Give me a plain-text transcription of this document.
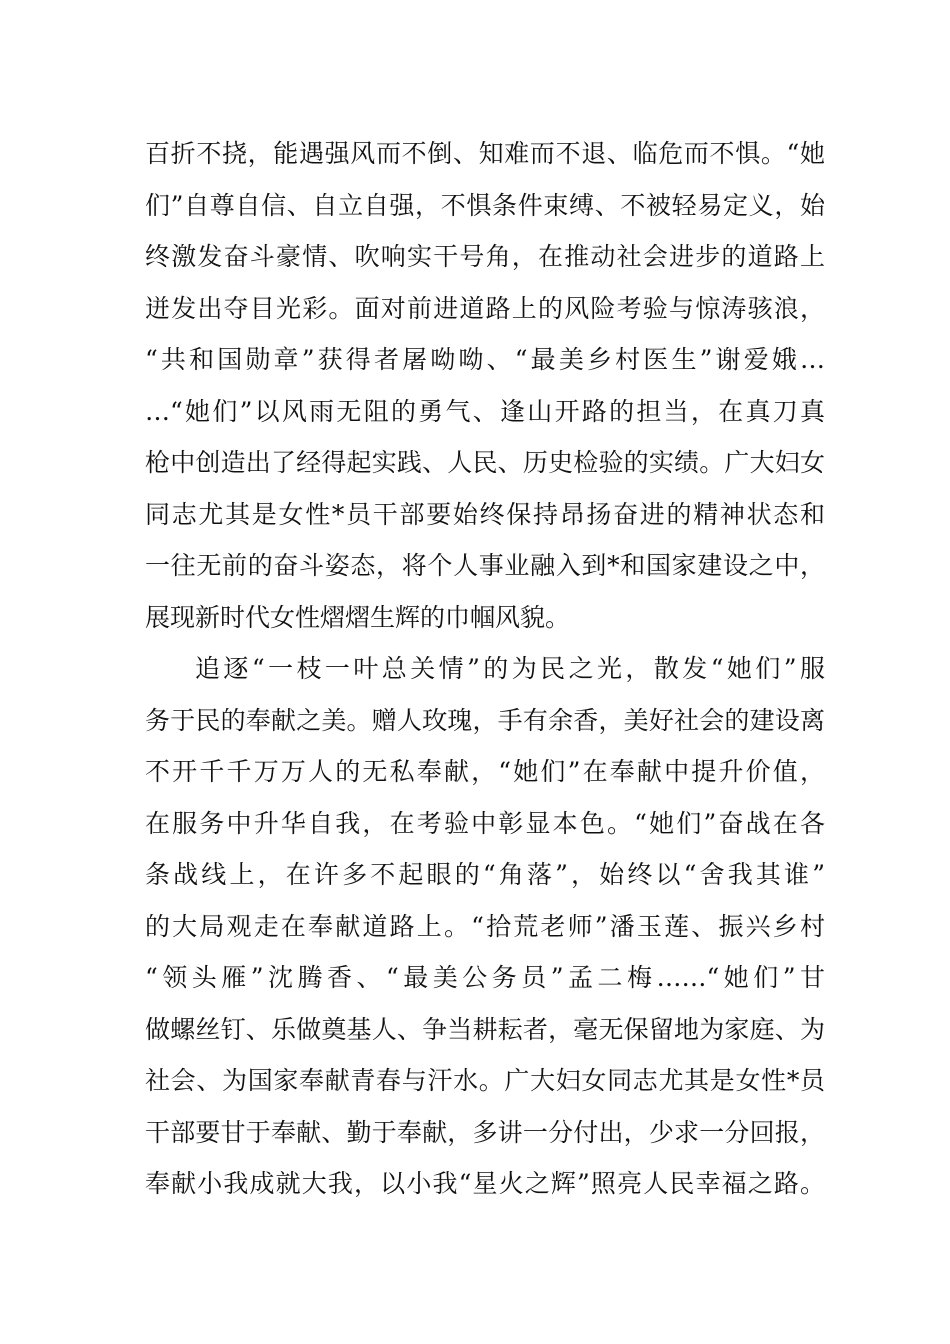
百折不挠，能遇强风而不倒、知难而不退、临危而不惧。“她
们”自尊自信、自立自强，不惧条件束缚、不被轻易定义，始
终激发奋斗豪情、吹响实干号角，在推动社会进步的道路上
迸发出夺目光彩。面对前进道路上的风险考验与惊涛骇浪，
“共和国勋章”获得者屠呦呦、“最美乡村医生”谢爱娥…
…“她们”以风雨无阻的勇气、逢山开路的担当，在真刀真
枪中创造出了经得起实践、人民、历史检验的实绩。广大妇女
同志尤其是女性*员干部要始终保持昂扬奋进的精神状态和
一往无前的奋斗姿态，将个人事业融入到*和国家建设之中，
展现新时代女性熠熠生辉的巾帼风貌。
追逐“一枝一叶总关情”的为民之光，散发“她们”服
务于民的奉献之美。赠人玫瑰，手有余香，美好社会的建设离
不开千千万万人的无私奉献，“她们”在奉献中提升价值，
在服务中升华自我，在考验中彰显本色。“她们”奋战在各
条战线上，在许多不起眼的“角落”，始终以“舍我其谁”
的大局观走在奉献道路上。“拾荒老师”潘玉莲、振兴乡村
“领头雁”沈腾香、“最美公务员”孟二梅……“她们”甘
做螺丝钉、乐做奠基人、争当耕耘者，毫无保留地为家庭、为
社会、为国家奉献青春与汗水。广大妇女同志尤其是女性*员
干部要甘于奉献、勤于奉献，多讲一分付出，少求一分回报，
奉献小我成就大我，以小我“星火之辉”照亮人民幸福之路。
